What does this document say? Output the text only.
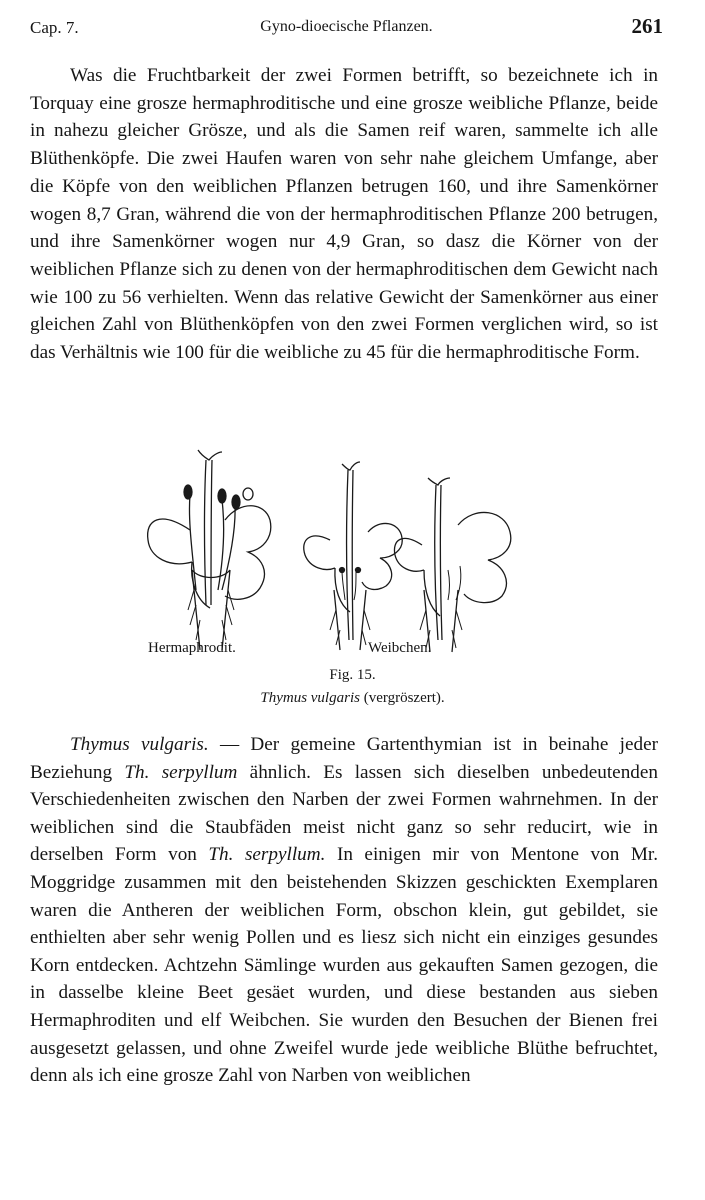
Cap. 7.	Gyno-dioecische Pflanzen.	261

Was die Fruchtbarkeit der zwei Formen betrifft, so bezeichnete ich in Torquay eine grosze hermaphroditische und eine grosze weibliche Pflanze, beide in nahezu gleicher Grösze, und als die Samen reif waren, sammelte ich alle Blüthenköpfe. Die zwei Haufen waren von sehr nahe gleichem Umfange, aber die Köpfe von den weiblichen Pflanzen betrugen 160, und ihre Samenkörner wogen 8,7 Gran, während die von der hermaphroditischen Pflanze 200 betrugen, und ihre Samenkörner wogen nur 4,9 Gran, so dasz die Körner von der weiblichen Pflanze sich zu denen von der hermaphroditischen dem Gewicht nach wie 100 zu 56 verhielten. Wenn das relative Gewicht der Samenkörner aus einer gleichen Zahl von Blüthenköpfen von den zwei Formen verglichen wird, so ist das Verhältnis wie 100 für die weibliche zu 45 für die hermaphroditische Form.

Hermaphrodit.	Weibchen.
Fig. 15.
Thymus vulgaris (vergröszert).

Thymus vulgaris. — Der gemeine Gartenthymian ist in beinahe jeder Beziehung Th. serpyllum ähnlich. Es lassen sich dieselben unbedeutenden Verschiedenheiten zwischen den Narben der zwei Formen wahrnehmen. In der weiblichen sind die Staubfäden meist nicht ganz so sehr reducirt, wie in derselben Form von Th. serpyllum. In einigen mir von Mentone von Mr. Moggridge zusammen mit den beistehenden Skizzen geschickten Exemplaren waren die Antheren der weiblichen Form, obschon klein, gut gebildet, sie enthielten aber sehr wenig Pollen und es liesz sich nicht ein einziges gesundes Korn entdecken. Achtzehn Sämlinge wurden aus gekauften Samen gezogen, die in dasselbe kleine Beet gesäet wurden, und diese bestanden aus sieben Hermaphroditen und elf Weibchen. Sie wurden den Besuchen der Bienen frei ausgesetzt gelassen, und ohne Zweifel wurde jede weibliche Blüthe befruchtet, denn als ich eine grosze Zahl von Narben von weiblichen
